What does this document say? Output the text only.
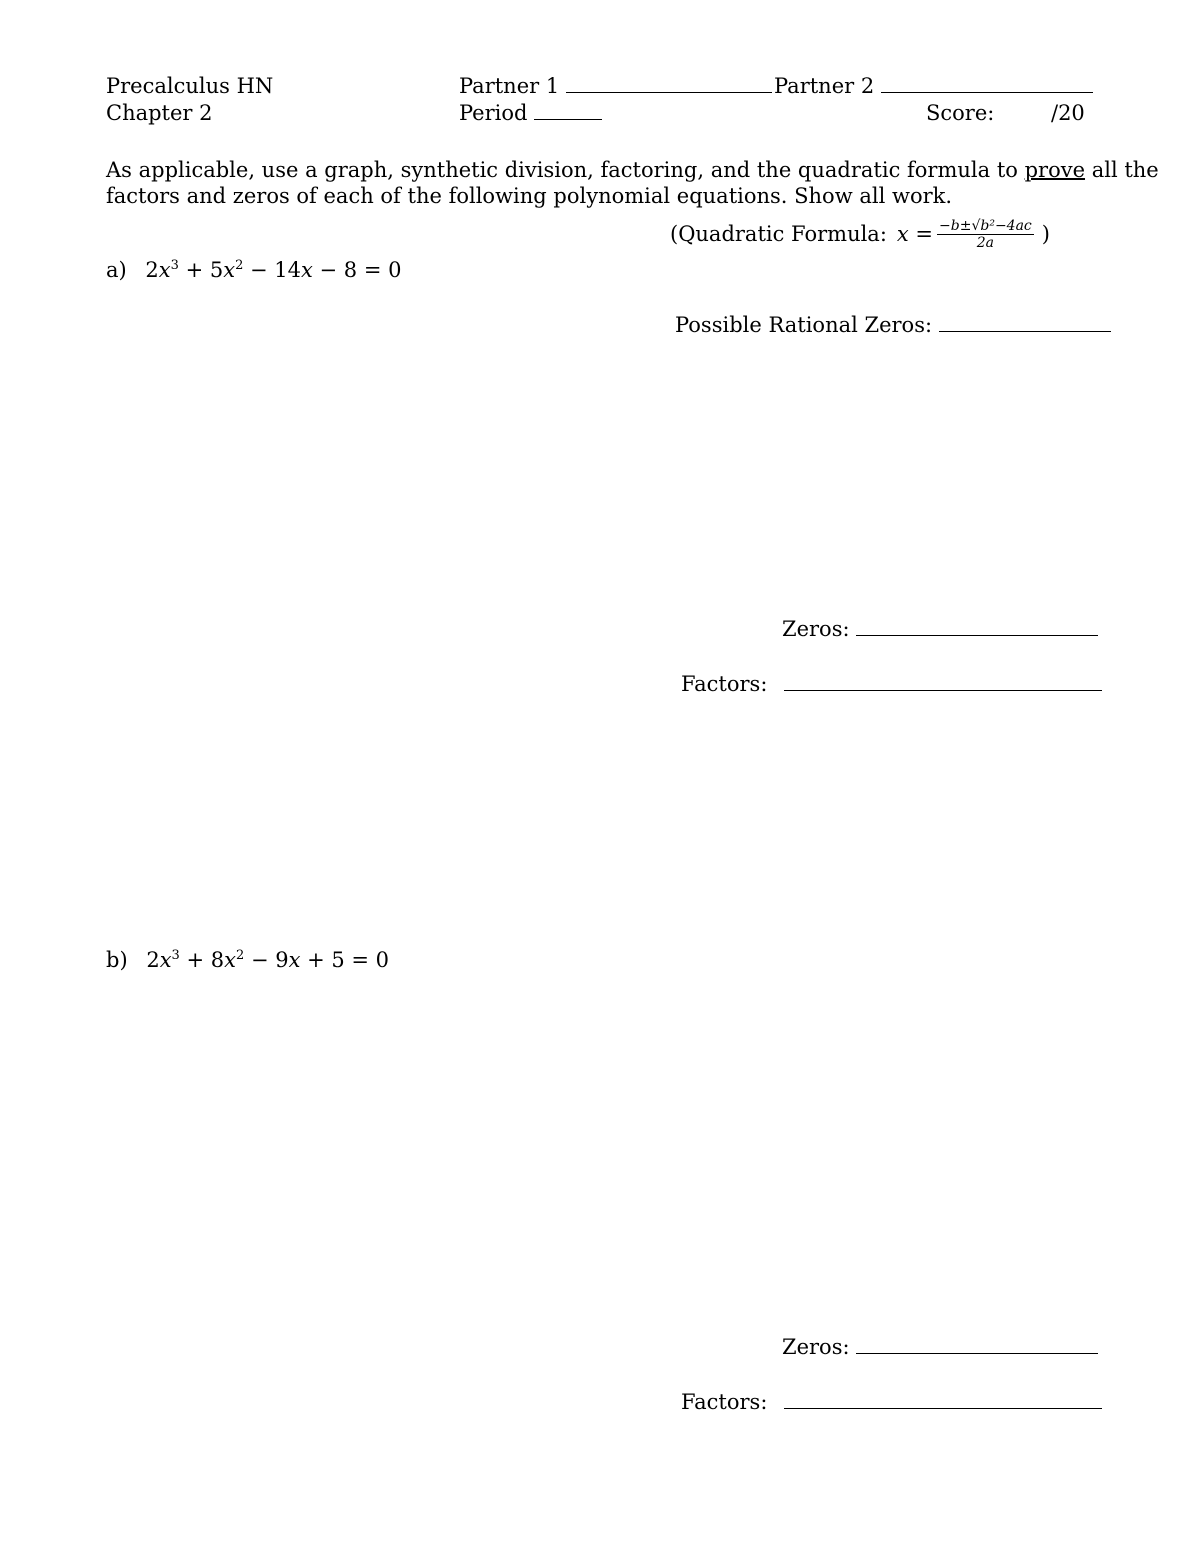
Precalculus HN	Partner 1	Partner 2
Chapter 2	Period	Score:	/20
As applicable, use a graph, synthetic division, factoring, and the quadratic formula to prove all the
factors and zeros of each of the following polynomial equations. Show all work.
(Quadratic Formula: $x = \frac{\text{−b±√b²−4ac}}{2a}$ )
a) $2x^3 + 5x^2 - 14x - 8 = 0$
Possible Rational Zeros:
Zeros:
Factors:
b) $2x^3 + 8x^2 - 9x + 5 = 0$
Zeros:
Factors:
